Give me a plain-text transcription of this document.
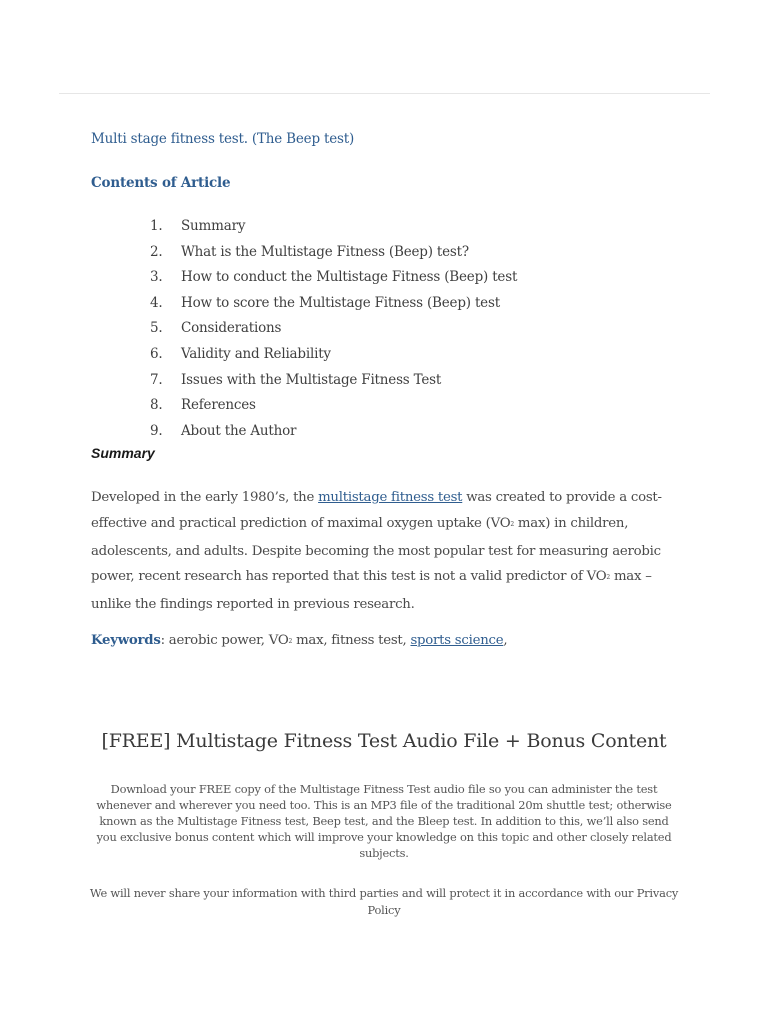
Multi stage fitness test. (The Beep test)
Contents of Article
1. Summary
2. What is the Multistage Fitness (Beep) test?
3. How to conduct the Multistage Fitness (Beep) test
4. How to score the Multistage Fitness (Beep) test
5. Considerations
6. Validity and Reliability
7. Issues with the Multistage Fitness Test
8. References
9. About the Author
Summary

Developed in the early 1980’s, the multistage fitness test was created to provide a cost-effective and practical prediction of maximal oxygen uptake ($VO_2$ max) in children, adolescents, and adults. Despite becoming the most popular test for measuring aerobic power, recent research has reported that this test is not a valid predictor of $VO_2$ max – unlike the findings reported in previous research.

Keywords: aerobic power, $VO_2$ max, fitness test, sports science,
[FREE] Multistage Fitness Test Audio File + Bonus Content
Download your FREE copy of the Multistage Fitness Test audio file so you can administer the test whenever and wherever you need too. This is an MP3 file of the traditional 20m shuttle test; otherwise known as the Multistage Fitness test, Beep test, and the Bleep test. In addition to this, we’ll also send you exclusive bonus content which will improve your knowledge on this topic and other closely related subjects.
We will never share your information with third parties and will protect it in accordance with our Privacy Policy
